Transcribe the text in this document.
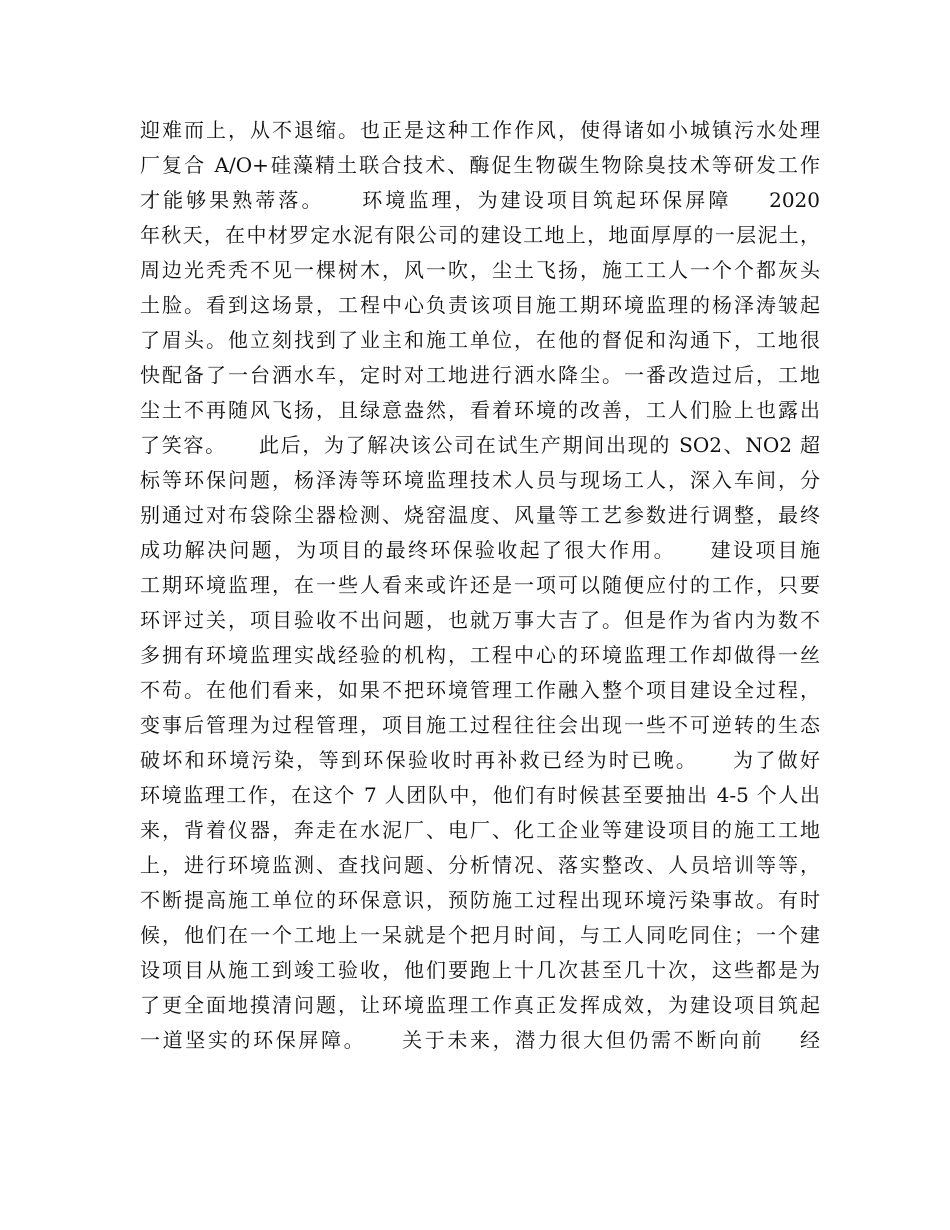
迎难而上，从不退缩。也正是这种工作作风，使得诸如小城镇污水处理
厂复合 A/O+硅藻精土联合技术、酶促生物碳生物除臭技术等研发工作
才能够果熟蒂落。    环境监理，为建设项目筑起环保屏障    2020
年秋天，在中材罗定水泥有限公司的建设工地上，地面厚厚的一层泥土，
周边光秃秃不见一棵树木，风一吹，尘土飞扬，施工工人一个个都灰头
土脸。看到这场景，工程中心负责该项目施工期环境监理的杨泽涛皱起
了眉头。他立刻找到了业主和施工单位，在他的督促和沟通下，工地很
快配备了一台洒水车，定时对工地进行洒水降尘。一番改造过后，工地
尘土不再随风飞扬，且绿意盎然，看着环境的改善，工人们脸上也露出
了笑容。    此后，为了解决该公司在试生产期间出现的 SO2、NO2 超
标等环保问题，杨泽涛等环境监理技术人员与现场工人，深入车间，分
别通过对布袋除尘器检测、烧窑温度、风量等工艺参数进行调整，最终
成功解决问题，为项目的最终环保验收起了很大作用。    建设项目施
工期环境监理，在一些人看来或许还是一项可以随便应付的工作，只要
环评过关，项目验收不出问题，也就万事大吉了。但是作为省内为数不
多拥有环境监理实战经验的机构，工程中心的环境监理工作却做得一丝
不苟。在他们看来，如果不把环境管理工作融入整个项目建设全过程，
变事后管理为过程管理，项目施工过程往往会出现一些不可逆转的生态
破坏和环境污染，等到环保验收时再补救已经为时已晚。    为了做好
环境监理工作，在这个 7 人团队中，他们有时候甚至要抽出 4-5 个人出
来，背着仪器，奔走在水泥厂、电厂、化工企业等建设项目的施工工地
上，进行环境监测、查找问题、分析情况、落实整改、人员培训等等，
不断提高施工单位的环保意识，预防施工过程出现环境污染事故。有时
候，他们在一个工地上一呆就是个把月时间，与工人同吃同住；一个建
设项目从施工到竣工验收，他们要跑上十几次甚至几十次，这些都是为
了更全面地摸清问题，让环境监理工作真正发挥成效，为建设项目筑起
一道坚实的环保屏障。    关于未来，潜力很大但仍需不断向前    经
